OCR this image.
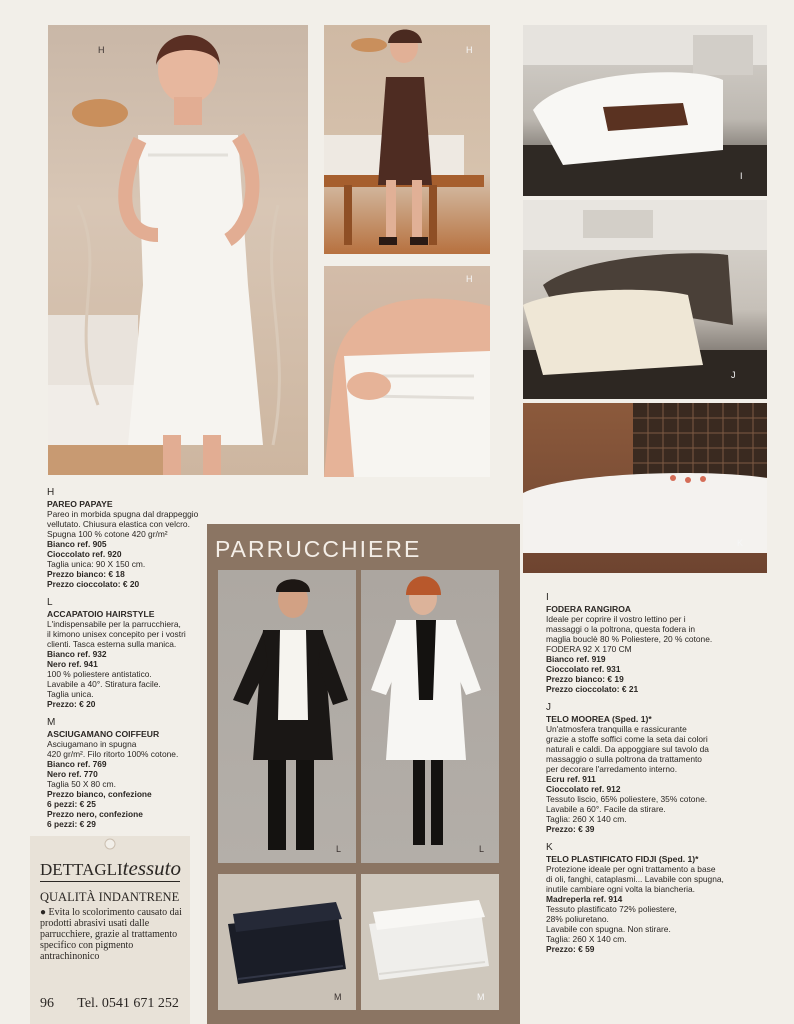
H	H
H
I
J
K
PARRUCCHIERE
L	L
M	M
H
PAREO PAPAYE
Pareo in morbida spugna dal drappeggio
vellutato. Chiusura elastica con velcro.
Spugna 100 % cotone 420 gr/m²
Bianco ref. 905
Cioccolato ref. 920
Taglia unica: 90 X 150 cm.
Prezzo bianco: € 18
Prezzo cioccolato: € 20
L
ACCAPATOIO HAIRSTYLE
L'indispensabile per la parrucchiera,
il kimono unisex concepito per i vostri
clienti. Tasca esterna sulla manica.
Bianco ref. 932
Nero ref. 941
100 % poliestere antistatico.
Lavabile a 40°. Stiratura facile.
Taglia unica.
Prezzo: € 20
M
ASCIUGAMANO COIFFEUR
Asciugamano in spugna
420 gr/m². Filo ritorto 100% cotone.
Bianco ref. 769
Nero ref. 770
Taglia 50 X 80 cm.
Prezzo bianco, confezione
6 pezzi: € 25
Prezzo nero, confezione
6 pezzi: € 29
I
FODERA RANGIROA
Ideale per coprire il vostro lettino per i
massaggi o la poltrona, questa fodera in
maglia bouclè 80 % Poliestere, 20 % cotone.
FODERA 92 X 170 CM
Bianco ref. 919
Cioccolato ref. 931
Prezzo bianco: € 19
Prezzo cioccolato: € 21
J
TELO MOOREA (Sped. 1)*
Un'atmosfera tranquilla e rassicurante
grazie a stoffe soffici come la seta dai colori
naturali e caldi. Da appoggiare sul tavolo da
massaggio o sulla poltrona da trattamento
per decorare l'arredamento interno.
Ecru ref. 911
Cioccolato ref. 912
Tessuto liscio, 65% poliestere, 35% cotone.
Lavabile a 60°. Facile da stirare.
Taglia: 260 X 140 cm.
Prezzo: € 39
K
TELO PLASTIFICATO FIDJI (Sped. 1)*
Protezione ideale per ogni trattamento a base
di oli, fanghi, cataplasmi... Lavabile con spugna,
inutile cambiare ogni volta la biancheria.
Madreperla ref. 914
Tessuto plastificato 72% poliestere,
28% poliuretano.
Lavabile con spugna. Non stirare.
Taglia: 260 X 140 cm.
Prezzo: € 59
DETTAGLItessuto
QUALITÀ INDANTRENE
● Evita lo scolorimento causato dai prodotti abrasivi usati dalle parrucchiere, grazie al trattamento specifico con pigmento antrachinonico
96 Tel. 0541 671 252
